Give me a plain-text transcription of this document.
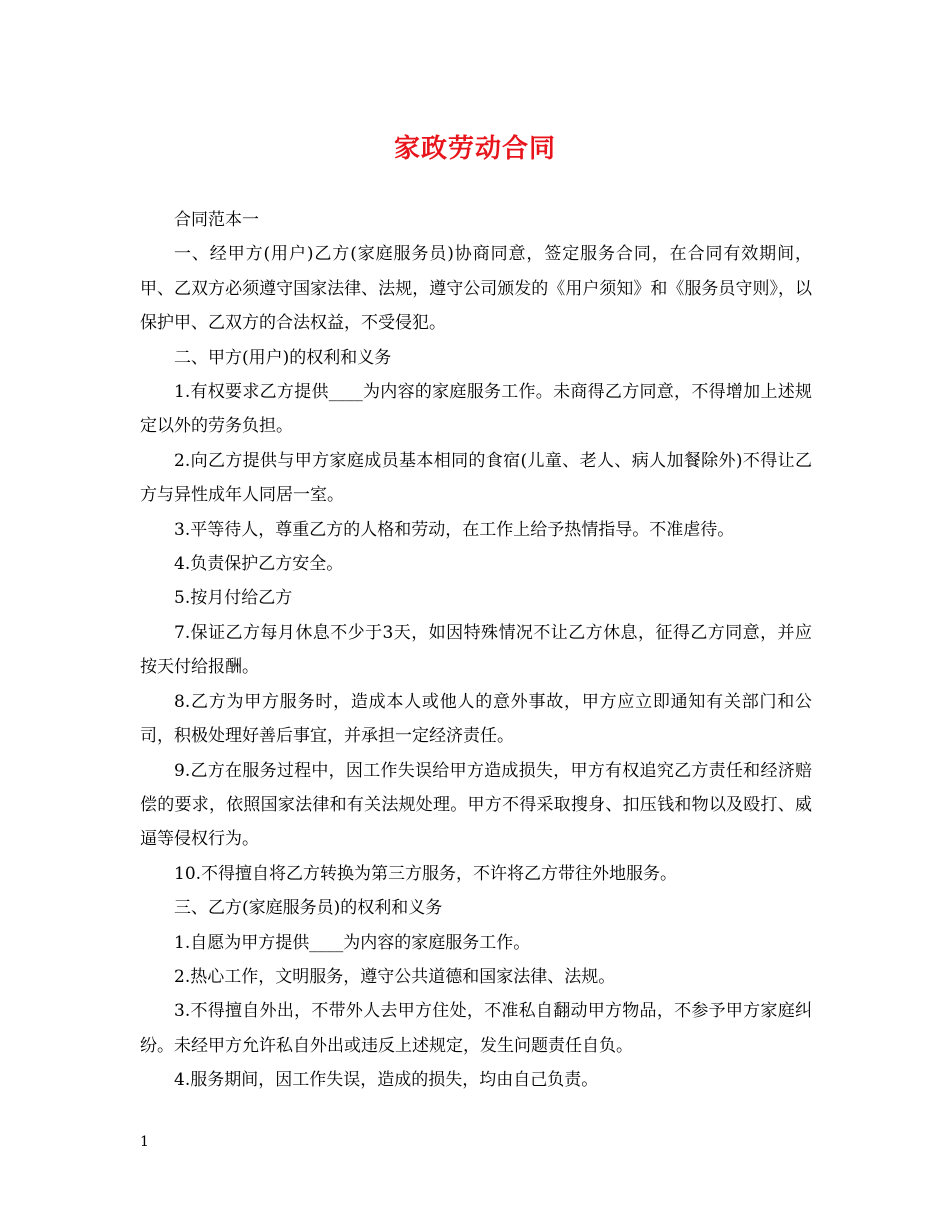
家政劳动合同

合同范本一

一、经甲方(用户)乙方(家庭服务员)协商同意，签定服务合同，在合同有效期间，甲、乙双方必须遵守国家法律、法规，遵守公司颁发的《用户须知》和《服务员守则》，以保护甲、乙双方的合法权益，不受侵犯。

二、甲方(用户)的权利和义务

1.有权要求乙方提供____为内容的家庭服务工作。未商得乙方同意，不得增加上述规定以外的劳务负担。

2.向乙方提供与甲方家庭成员基本相同的食宿(儿童、老人、病人加餐除外)不得让乙方与异性成年人同居一室。

3.平等待人，尊重乙方的人格和劳动，在工作上给予热情指导。不准虐待。

4.负责保护乙方安全。

5.按月付给乙方

7.保证乙方每月休息不少于3天，如因特殊情况不让乙方休息，征得乙方同意，并应按天付给报酬。

8.乙方为甲方服务时，造成本人或他人的意外事故，甲方应立即通知有关部门和公司，积极处理好善后事宜，并承担一定经济责任。

9.乙方在服务过程中，因工作失误给甲方造成损失，甲方有权追究乙方责任和经济赔偿的要求，依照国家法律和有关法规处理。甲方不得采取搜身、扣压钱和物以及殴打、威逼等侵权行为。

10.不得擅自将乙方转换为第三方服务，不许将乙方带往外地服务。

三、乙方(家庭服务员)的权利和义务

1.自愿为甲方提供____为内容的家庭服务工作。

2.热心工作，文明服务，遵守公共道德和国家法律、法规。

3.不得擅自外出，不带外人去甲方住处，不准私自翻动甲方物品，不参予甲方家庭纠纷。未经甲方允许私自外出或违反上述规定，发生问题责任自负。

4.服务期间，因工作失误，造成的损失，均由自己负责。

1
